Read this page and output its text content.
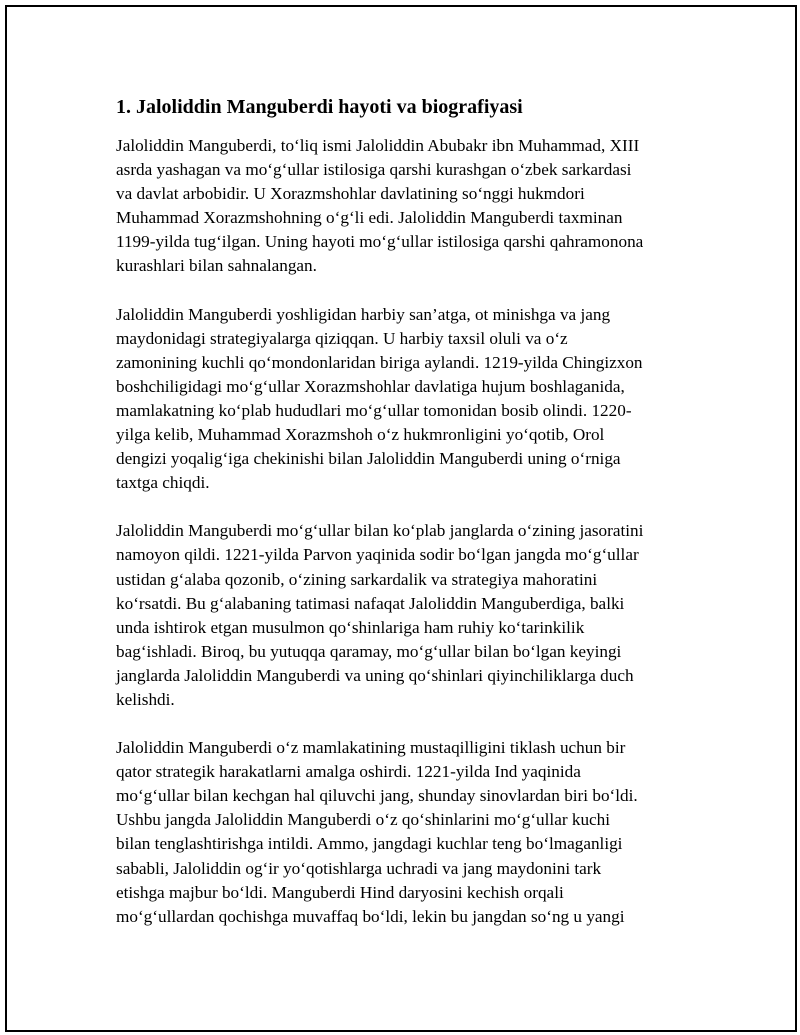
1. Jaloliddin Manguberdi hayoti va biografiyasi

Jaloliddin Manguberdi, to‘liq ismi Jaloliddin Abubakr ibn Muhammad, XIII
asrda yashagan va mo‘g‘ullar istilosiga qarshi kurashgan o‘zbek sarkardasi
va davlat arbobidir. U Xorazmshohlar davlatining so‘nggi hukmdori
Muhammad Xorazmshohning o‘g‘li edi. Jaloliddin Manguberdi taxminan
1199-yilda tug‘ilgan. Uning hayoti mo‘g‘ullar istilosiga qarshi qahramonona
kurashlari bilan sahnalangan.

Jaloliddin Manguberdi yoshligidan harbiy san’atga, ot minishga va jang
maydonidagi strategiyalarga qiziqqan. U harbiy taxsil oluli va o‘z
zamonining kuchli qo‘mondonlaridan biriga aylandi. 1219-yilda Chingizxon
boshchiligidagi mo‘g‘ullar Xorazmshohlar davlatiga hujum boshlaganida,
mamlakatning ko‘plab hududlari mo‘g‘ullar tomonidan bosib olindi. 1220-
yilga kelib, Muhammad Xorazmshoh o‘z hukmronligini yo‘qotib, Orol
dengizi yoqalig‘iga chekinishi bilan Jaloliddin Manguberdi uning o‘rniga
taxtga chiqdi.

Jaloliddin Manguberdi mo‘g‘ullar bilan ko‘plab janglarda o‘zining jasoratini
namoyon qildi. 1221-yilda Parvon yaqinida sodir bo‘lgan jangda mo‘g‘ullar
ustidan g‘alaba qozonib, o‘zining sarkardalik va strategiya mahoratini
ko‘rsatdi. Bu g‘alabaning tatimasi nafaqat Jaloliddin Manguberdiga, balki
unda ishtirok etgan musulmon qo‘shinlariga ham ruhiy ko‘tarinkilik
bag‘ishladi. Biroq, bu yutuqqa qaramay, mo‘g‘ullar bilan bo‘lgan keyingi
janglarda Jaloliddin Manguberdi va uning qo‘shinlari qiyinchiliklarga duch
kelishdi.

Jaloliddin Manguberdi o‘z mamlakatining mustaqilligini tiklash uchun bir
qator strategik harakatlarni amalga oshirdi. 1221-yilda Ind yaqinida
mo‘g‘ullar bilan kechgan hal qiluvchi jang, shunday sinovlardan biri bo‘ldi.
Ushbu jangda Jaloliddin Manguberdi o‘z qo‘shinlarini mo‘g‘ullar kuchi
bilan tenglashtirishga intildi. Ammo, jangdagi kuchlar teng bo‘lmaganligi
sababli, Jaloliddin og‘ir yo‘qotishlarga uchradi va jang maydonini tark
etishga majbur bo‘ldi. Manguberdi Hind daryosini kechish orqali
mo‘g‘ullardan qochishga muvaffaq bo‘ldi, lekin bu jangdan so‘ng u yangi
